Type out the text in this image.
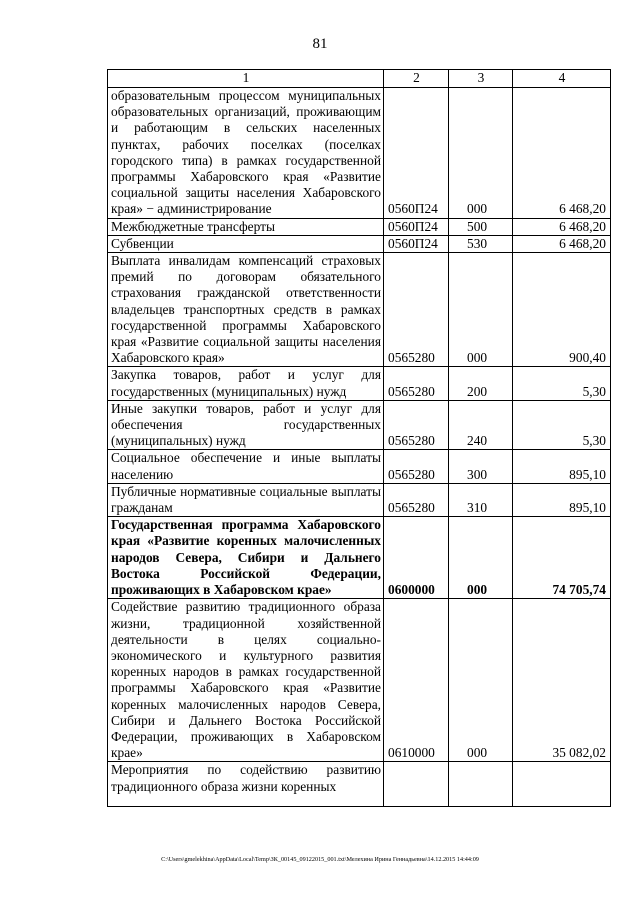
81
1	2	3	4
образовательным процессом муниципальных образовательных организаций, проживающим и работающим в сельских населенных пунктах, рабочих поселках (поселках городского типа) в рамках государственной программы Хабаровского края «Развитие социальной защиты населения Хабаровского края» − администрирование	0560П24	000	6 468,20
Межбюджетные трансферты	0560П24	500	6 468,20
Субвенции	0560П24	530	6 468,20
Выплата инвалидам компенсаций страховых премий по договорам обязательного страхования гражданской ответственности владельцев транспортных средств в рамках государственной программы Хабаровского края «Развитие социальной защиты населения Хабаровского края»	0565280	000	900,40
Закупка товаров, работ и услуг для государственных (муниципальных) нужд	0565280	200	5,30
Иные закупки товаров, работ и услуг для обеспечения государственных (муниципальных) нужд	0565280	240	5,30
Социальное обеспечение и иные выплаты населению	0565280	300	895,10
Публичные нормативные социальные выплаты гражданам	0565280	310	895,10
Государственная программа Хабаровского края «Развитие коренных малочисленных народов Севера, Сибири и Дальнего Востока Российской Федерации, проживающих в Хабаровском крае»	0600000	000	74 705,74
Содействие развитию традиционного образа жизни, традиционной хозяйственной деятельности в целях социально-экономического и культурного развития коренных народов в рамках государственной программы Хабаровского края «Развитие коренных малочисленных народов Севера, Сибири и Дальнего Востока Российской Федерации, проживающих в Хабаровском крае»	0610000	000	35 082,02
Мероприятия по содействию развитию традиционного образа жизни коренных			
C:\Users\gmelekhina\AppData\Local\Temp\ЗК_00145_09122015_001.txt\Мелехина Ирина Геннадьевна\14.12.2015 14:44:09
